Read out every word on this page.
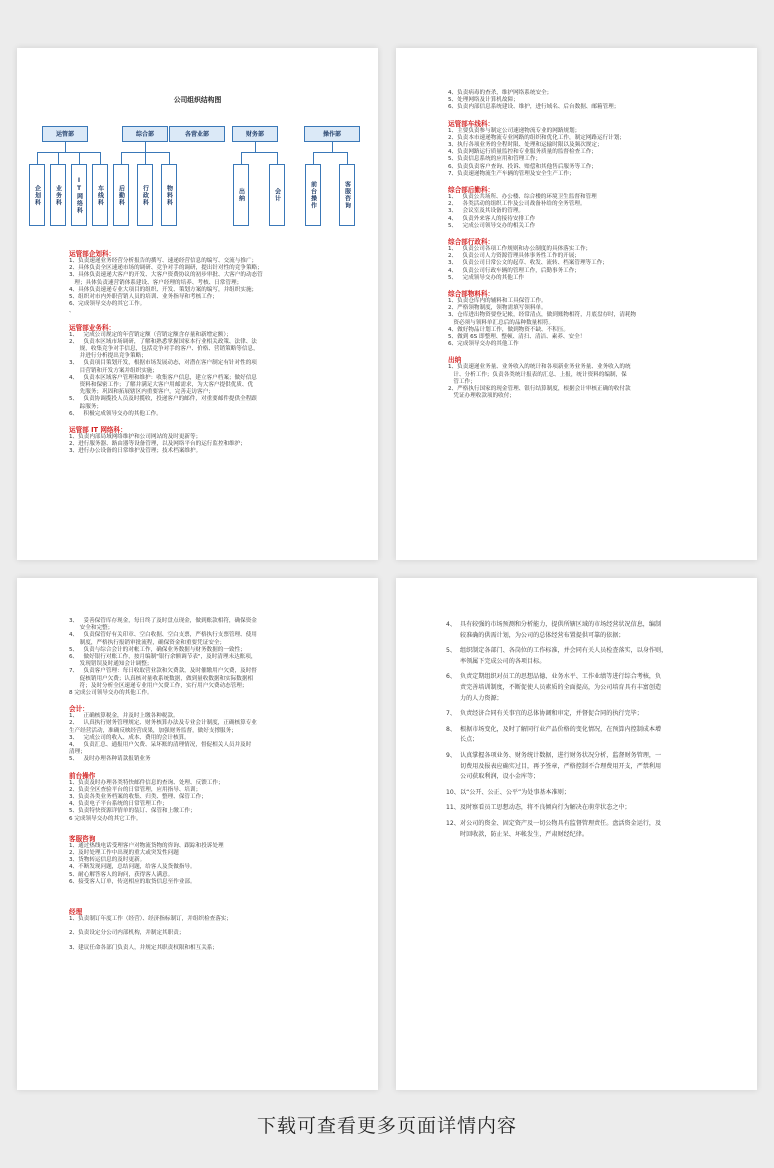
公司组织结构图
运管部	综合部	各营业部	财务部	操作部
企划科 业务科 IT网络科 车线科 后勤科	行政科	物料科	出纳	会计	前台操作	客服咨询
运管部企划科：
1、负责速递业务经营分析报告的撰写、速递经营信息的编写、交流与推广；
2、具体负责全区速递市场的调研、竞争对手的调研，提出针对性的竞争策略；
3、具体负责速递大客户的开发、大客户资费协议的初步审批、大客户的动态管
理；具体负责速营销体系建设、客户经理的培养、考核、日常管理；
4、具体负责速递专业大项目的组织、开发、策划方案的编写，并组织实施；
5、组织对市内外职营销人员的培训、业务指导和考核工作；
6、完成领导交办的其它工作。
、
运管部业务科：
1、   完成公司规定的年营销定额（营销定额含存量和新增定额）；
2、   负责本区域市场调研，了解和熟悉掌握国家本行业相关政策、法律、法
规，收集竞争对手信息，包括竞争对手的客户、价格、营销策略等信息，
并进行分析提出竞争策略；
3、   负责项目策划开发，根据市场发展动态，对潜在客户制定有针对性的项
目营销和开发方案并组织实施；
4、   负责本区域客户管理和维护：收集客户信息，建立客户档案；做好信息
资料和保密工作；了解并满足大客户用邮需求，为大客户提供优质、优
先服务；巩固和拓展辖区内重要客户，完善走访客户；
5、   负责协调揽投人员及时揽收，投递客户的邮件，对重要邮件提供全程跟
踪服务；
6、   积极完成领导交办的其他工作。
运管部 IT 网络科：
1、负责内部局域网络维护和公司网站的及时更新等；
2、进行服务器、路由器等设备管理，以及网络平台的运行监控和维护；
3、进行办公设备的日常维护及管理；技术档案维护。
4、负责病毒的查杀，维护网络系统安全；
5、处理网络及计算机故障；
6、负责内部信息系统建设、维护，进行域名、后台数据、邮箱管理；
运管部车线科：
1、主要负责参与制定公司速递物流专业的网路规划；
2、负责本市速递物流专业网路的组织和优化工作，制定网路运行计划；
3、执行各项业务的全程时限、处理和运输时限以及频次规定；
4、负责网路运行质量监控和专业服务质量的监督检查工作；
5、负责信息系统的应用和管理工作；
6、负责负责客户查询、投诉、赔偿和其他售后服务等工作；
7、负责速递物流生产车辆的管理及安全生产工作；
综合部后勤科：
1、   负责公共场所、办公楼、综合楼的环境卫生监督和管理
2、   各类活动的组织工作及公司战备补给的全务管理。
3、   会议室及其设备的管理。
4、   负责外来客人的接待安排工作
5、   完成公司领导交办的相关工作
综合部行政科：
1、   负责公司各项工作规则和办公制度的具体落实工作；
2、   负责公司人力资源管理具体事务性工作的开展；
3、   负责公司日常公文的起草、收发、流转、档案管理等工作；
4、   负责公司行政车辆的管理工作，后勤事务工作；
5、   完成领导交办的其他工作
综合部物料科：
1、负责仓库内的辅料和工具保管工作。
2、严格领物制度，领物需填写领料单。
3、仓库进出物资要登记帐，经常清点，做到账物相符，月底盘存时，清耗物
资必须与领料单汇总后的品种数量相符。
4、做好物品计划工作，做到物资不缺、不积压。
5、做到 6S 即整理、整顿、清扫、清洁、素养、安全！
6、完成领导交办的其他工作
出纳
1、负责速递业务量、业务收入的统计和各项新业务业务量、业务收入的统
计、分析工作；负责各类统计报表的汇总、上报，统计资料的编制，保
管工作；
2、严格执行国家的现金管理、银行结算制度，根据会计审核正确的收付款
凭证办理收款项的收付；
3、   妥善保管库存现金，每日终了及时盘点现金，做到账款相符，确保资金
安全和完整；
4、   负责保管好有关印章、空白收据、空白支票，严格执行支票管理、使用
制度，严格执行报销审批流程，确保资金和重要凭证安全；
5、   负责与综合会计的对帐工作，确保业务数据与财务数据的一致性；
6、   做好银行对账工作，按月编制"银行余额调节表"，及时清理未达账项，
发现错误及时通知会计调整；
7、   负责客户管理：每日收取营业款和欠费款，及时催缴用户欠费，及时督
促核销用户欠费；认真核对量收系统数据，做到量收数据和实际数据相
符；及时分析全区速递专业用户欠费工作，实行用户欠费动态管理；
8 完成公司领导交办的其他工作。
会计：
1、   正确核算税金，并及时上缴各种税款。
2、   认真执行财务管理规定、财务核算办法及专业会计制度，正确核算专业
生产经营活动，准确反映经营成果，加强财务监督，做好支撑服务；
3、   完成公司的收入、成本、费用的会计核算。
4、   负责汇总、通报用户欠费、呆坏账的清理情况，督促相关人员并及时
清理；
5、   及时办理各种请款报销业务
前台操作
1、负责及时办理各类特快邮件信息的查询、处理、反馈工作；
2、负责全区查验平台的日常管理，应用指导、培训；
3、负责各类业务档案的收集、归类、整理、保管工作；
4、负责电子平台系统的日常管理工作；
5、负责特快资源详情单的装订、保管和上缴工作；
6 完成领导交办的其它工作。
客服咨询
1、通过热线电话受理客户对物流货物的咨询、跟踪和投诉处理
2、及时处理工作中出现的重大或突发性问题
3、货物转运信息的及时更新。
4、不断发现问题，总结问题，给客人及货做指导。
5、耐心解答客人的询问，获得客人满意。
6、接受客人订单，传送相应的取货信息至作业部。
经理
1、负责制订年度工作（经营）、经济指标制订，并组织检查落实；
2、负责设定分公司内部机构，并制定其职责；
3、建议任命各部门负责人，并规定其职责权限和相互关系；
4、 具有较强的市场预测和分析能力，提供所辖区域的市场经营状况信息，编制
较准确的供需计划，为公司的总体经营布置提供可靠的依据；
5、 组织制定各部门、各岗位的工作标准，并会同有关人员检查落实，以身作则，
率领属下完成公司的各项目标。
6、 负责定期组织对员工的思想品德、业务水平、工作业绩等进行综合考核，负
责完善培训制度，不断促使人员素质的全面提高，为公司培育具有丰富创造
力的人力资源；
7、 负责经济合同有关事宜的总体协调和审定，并督促合同的执行完毕；
8、 根据市场变化，及时了解同行业产品价格的变化情况，在预算内控制成本增
长点；
9、 认真掌握各项业务、财务统计数据，进行财务状况分析，监督财务管理，一
切费用及报表应确实过目，再予签章，严格控制不合理费用开支，严禁利用
公司获取利润，设小金库等；
10、 以“公开、公正、公平”为处事基本准则；
11、 及时察看员工思想动态，将不良倾向行为解决在萌芽状态之中；
12、 对公司的资金、固定资产及一切公物具有监督管理责任。盘活资金运行，及
时回收款，防止呆、坏帐发生，严肃财经纪律。
下载可查看更多页面详情内容
